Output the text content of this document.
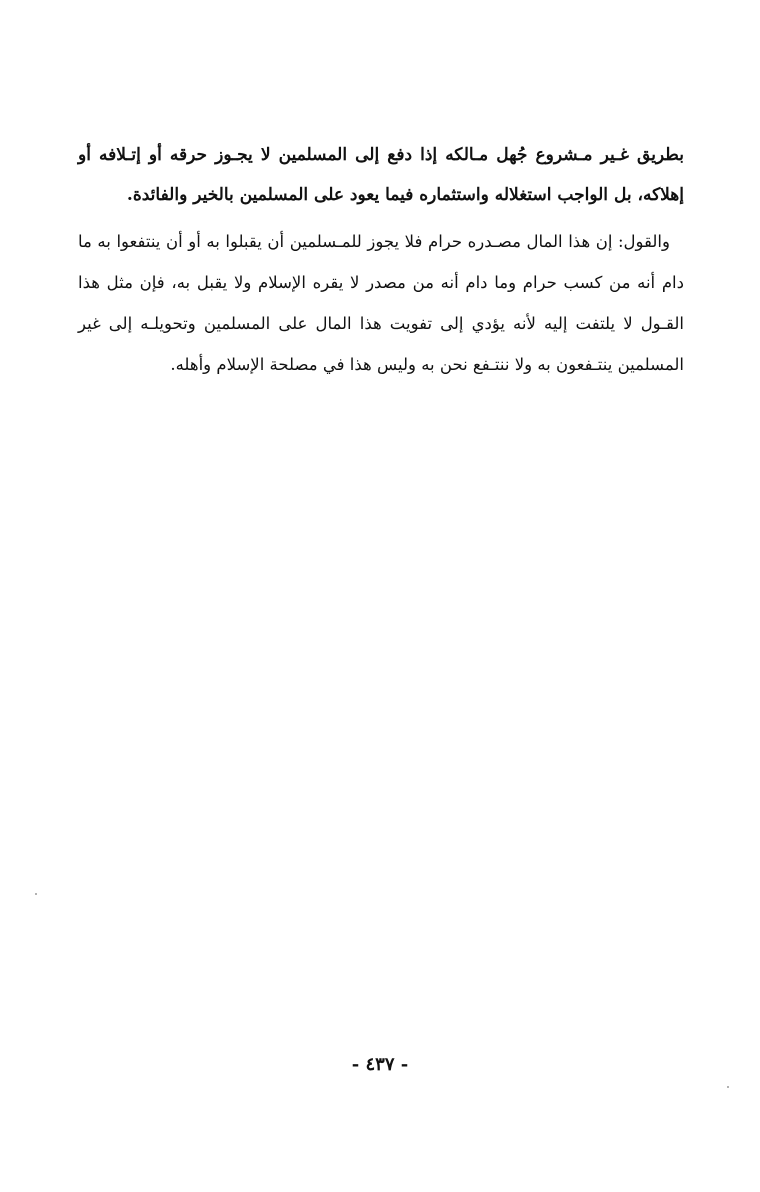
بطريق غـير مـشروع جُهل مـالكه إذا دفع إلى المسلمين لا يجـوز حرقه أو إتـلافه أو إهلاكه، بل الواجب استغلاله واستثماره فيما يعود على المسلمين بالخير والفائدة.

والقول: إن هذا المال مصـدره حرام فلا يجوز للمـسلمين أن يقبلوا به أو أن ينتفعوا به ما دام أنه من كسب حرام وما دام أنه من مصدر لا يقره الإسلام ولا يقبل به، فإن مثل هذا القـول لا يلتفت إليه لأنه يؤدي إلى تفويت هذا المال على المسلمين وتحويلـه إلى غير المسلمين ينتـفعون به ولا ننتـفع نحن به وليس هذا في مصلحة الإسلام وأهله.

- ٤٣٧ -
